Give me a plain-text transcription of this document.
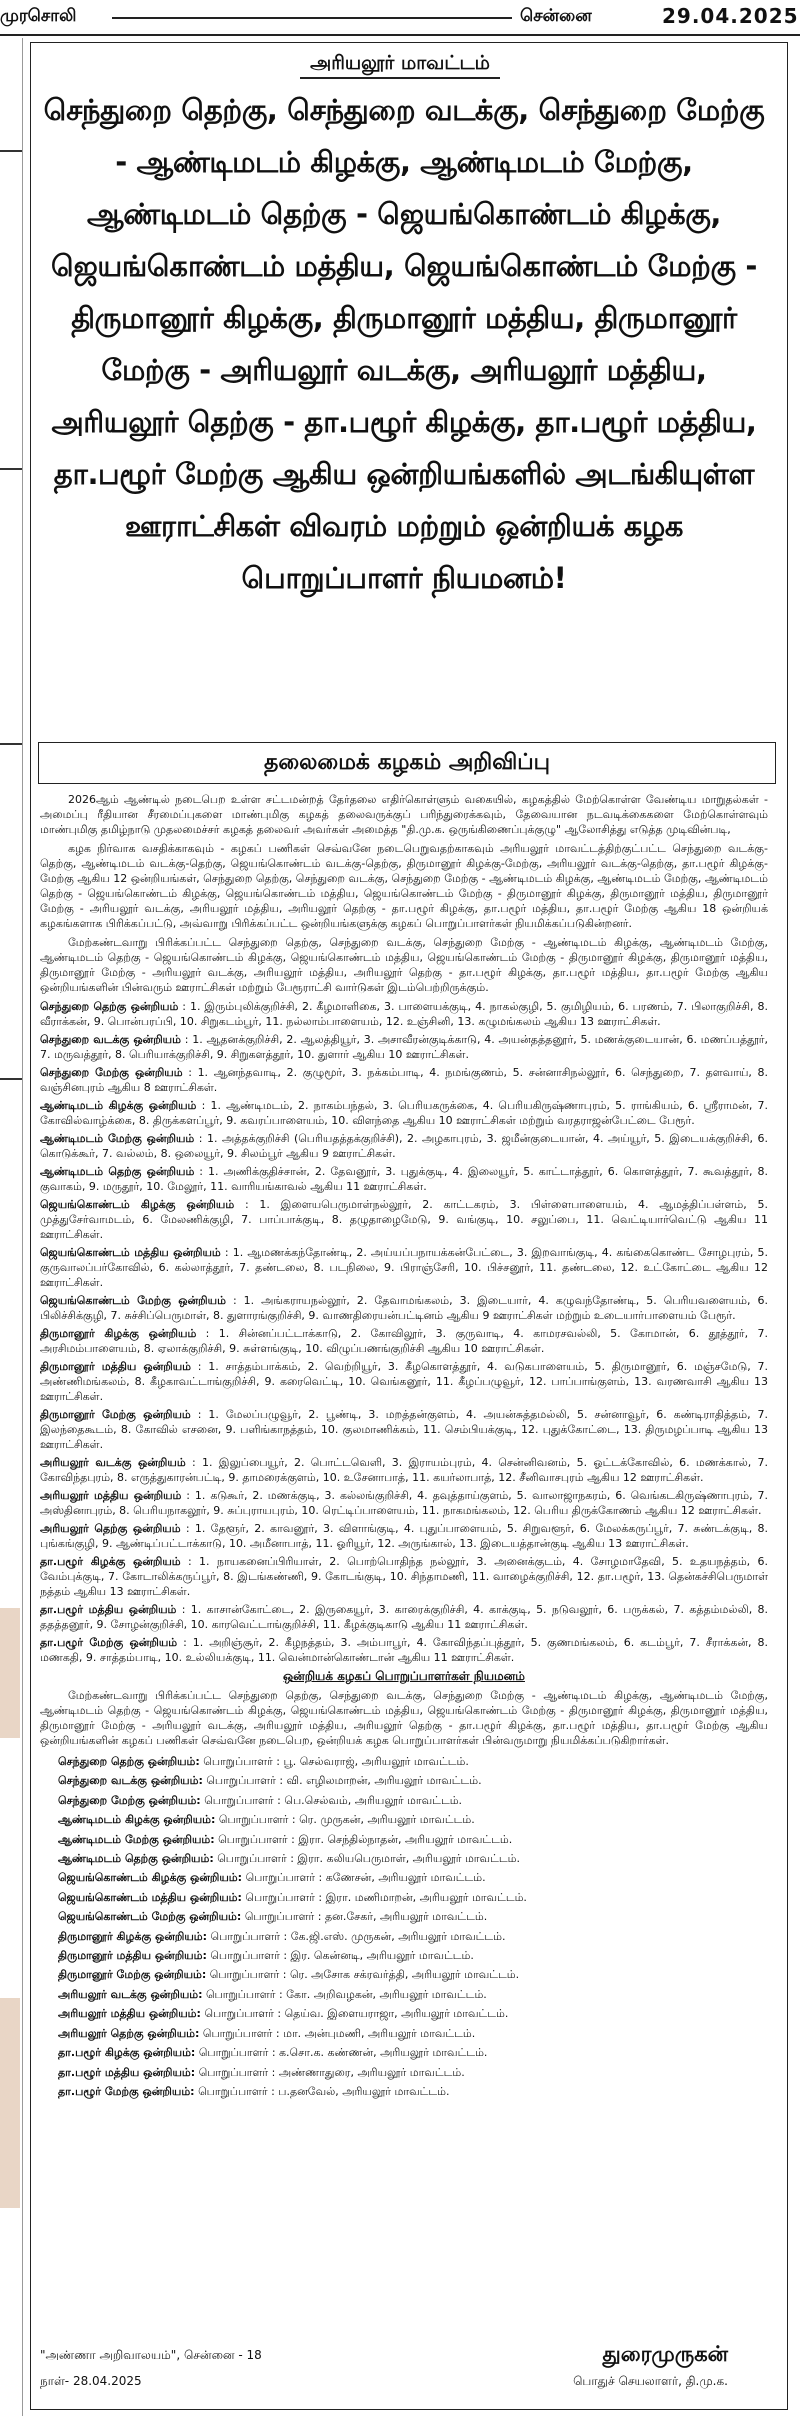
முரசொலி	சென்னை	29.04.2025
அரியலூர் மாவட்டம்
செந்துறை தெற்கு, செந்துறை வடக்கு, செந்துறை மேற்கு - ஆண்டிமடம் கிழக்கு, ஆண்டிமடம் மேற்கு, ஆண்டிமடம் தெற்கு - ஜெயங்கொண்டம் கிழக்கு, ஜெயங்கொண்டம் மத்திய, ஜெயங்கொண்டம் மேற்கு - திருமானூர் கிழக்கு, திருமானூர் மத்திய, திருமானூர் மேற்கு - அரியலூர் வடக்கு, அரியலூர் மத்திய, அரியலூர் தெற்கு - தா.பழூர் கிழக்கு, தா.பழூர் மத்திய, தா.பழூர் மேற்கு ஆகிய ஒன்றியங்களில் அடங்கியுள்ள ஊராட்சிகள் விவரம் மற்றும் ஒன்றியக் கழக பொறுப்பாளர் நியமனம்!
தலைமைக் கழகம் அறிவிப்பு

2026ஆம் ஆண்டில் நடைபெற உள்ள சட்டமன்றத் தேர்தலை எதிர்கொள்ளும் வகையில், கழகத்தில் மேற்கொள்ள வேண்டிய மாறுதல்கள் - அமைப்பு ரீதியான சீரமைப்புகளை மாண்புமிகு கழகத் தலைவருக்குப் பரிந்துரைக்கவும், தேவையான நடவடிக்கைகளை மேற்கொள்ளவும் மாண்புமிகு தமிழ்நாடு முதலமைச்சர் கழகத் தலைவர் அவர்கள் அமைத்த "தி.மு.க. ஒருங்கிணைப்புக்குழு" ஆலோசித்து எடுத்த முடிவின்படி,

கழக நிர்வாக வசதிக்காகவும் - கழகப் பணிகள் செவ்வனே நடைபெறுவதற்காகவும் அரியலூர் மாவட்டத்திற்குட்பட்ட செந்துறை வடக்கு-தெற்கு, ஆண்டிமடம் வடக்கு-தெற்கு, ஜெயங்கொண்டம் வடக்கு-தெற்கு, திருமானூர் கிழக்கு-மேற்கு, அரியலூர் வடக்கு-தெற்கு, தா.பழூர் கிழக்கு-மேற்கு ஆகிய 12 ஒன்றியங்கள், செந்துறை தெற்கு, செந்துறை வடக்கு, செந்துறை மேற்கு - ஆண்டிமடம் கிழக்கு, ஆண்டிமடம் மேற்கு, ஆண்டிமடம் தெற்கு - ஜெயங்கொண்டம் கிழக்கு, ஜெயங்கொண்டம் மத்திய, ஜெயங்கொண்டம் மேற்கு - திருமானூர் கிழக்கு, திருமானூர் மத்திய, திருமானூர் மேற்கு - அரியலூர் வடக்கு, அரியலூர் மத்திய, அரியலூர் தெற்கு - தா.பழூர் கிழக்கு, தா.பழூர் மத்திய, தா.பழூர் மேற்கு ஆகிய 18 ஒன்றியக் கழகங்களாக பிரிக்கப்பட்டு, அவ்வாறு பிரிக்கப்பட்ட ஒன்றியங்களுக்கு கழகப் பொறுப்பாளர்கள் நியமிக்கப்படுகின்றனர்.

மேற்கண்டவாறு பிரிக்கப்பட்ட செந்துறை தெற்கு, செந்துறை வடக்கு, செந்துறை மேற்கு - ஆண்டிமடம் கிழக்கு, ஆண்டிமடம் மேற்கு, ஆண்டிமடம் தெற்கு - ஜெயங்கொண்டம் கிழக்கு, ஜெயங்கொண்டம் மத்திய, ஜெயங்கொண்டம் மேற்கு - திருமானூர் கிழக்கு, திருமானூர் மத்திய, திருமானூர் மேற்கு - அரியலூர் வடக்கு, அரியலூர் மத்திய, அரியலூர் தெற்கு - தா.பழூர் கிழக்கு, தா.பழூர் மத்திய, தா.பழூர் மேற்கு ஆகிய ஒன்றியங்களின் பின்வரும் ஊராட்சிகள் மற்றும் பேரூராட்சி வார்டுகள் இடம்பெற்றிருக்கும்.

செந்துறை தெற்கு ஒன்றியம் : 1. இரும்புலிக்குறிச்சி, 2. கீழமாளிகை, 3. பாளையக்குடி, 4. நாகல்குழி, 5. குமிழியம், 6. பரணம், 7. பிலாகுறிச்சி, 8. வீராக்கன், 9. பொன்பரப்பி, 10. சிறுகடம்பூர், 11. நல்லாம்பாளையம், 12. உஞ்சினி, 13. கழுமங்கலம் ஆகிய 13 ஊராட்சிகள்.

செந்துறை வடக்கு ஒன்றியம் : 1. ஆதனக்குறிச்சி, 2. ஆலத்தியூர், 3. அசாவீரன்குடிக்காடு, 4. அயன்தத்தனூர், 5. மணக்குடையான், 6. மணப்பத்தூர், 7. மருவத்தூர், 8. பெரியாக்குறிச்சி, 9. சிறுகளத்தூர், 10. துளார் ஆகிய 10 ஊராட்சிகள்.

செந்துறை மேற்கு ஒன்றியம் : 1. ஆனந்தவாடி, 2. குழுமூர், 3. நக்கம்பாடி, 4. நமங்குணம், 5. சன்னாசிநல்லூர், 6. செந்துறை, 7. தளவாய், 8. வஞ்சினபுரம் ஆகிய 8 ஊராட்சிகள்.

ஆண்டிமடம் கிழக்கு ஒன்றியம் : 1. ஆண்டிமடம், 2. நாகம்பந்தல், 3. பெரியகருக்கை, 4. பெரியகிருஷ்ணாபுரம், 5. ராங்கியம், 6. ஸ்ரீராமன், 7. கோவில்வாழ்க்கை, 8. திருக்களப்பூர், 9. கவரப்பாளையம், 10. விளந்தை ஆகிய 10 ஊராட்சிகள் மற்றும் வரதராஜன்பேட்டை பேரூர்.

ஆண்டிமடம் மேற்கு ஒன்றியம் : 1. அத்தக்குறிச்சி (பெரியதத்தக்குறிச்சி), 2. அழகாபுரம், 3. ஜமீன்குடையான், 4. அய்யூர், 5. இடையக்குறிச்சி, 6. கொடுக்கூர், 7. வல்லம், 8. ஒலையூர், 9. சிலம்பூர் ஆகிய 9 ஊராட்சிகள்.

ஆண்டிமடம் தெற்கு ஒன்றியம் : 1. அணிக்குதிச்சான், 2. தேவனூர், 3. புதுக்குடி, 4. இலையூர், 5. காட்டாத்தூர், 6. கொளத்தூர், 7. கூவத்தூர், 8. குவாகம், 9. மருதூர், 10. மேலூர், 11. வாரியங்காவல் ஆகிய 11 ஊராட்சிகள்.

ஜெயங்கொண்டம் கிழக்கு ஒன்றியம் : 1. இளையபெருமாள்நல்லூர், 2. காட்டகரம், 3. பிள்ளைபாளையம், 4. ஆமத்திப்பள்ளம், 5. முத்துசேர்வாமடம், 6. மேலணிக்குழி, 7. பாப்பாக்குடி, 8. தழுதாழைமேடு, 9. வங்குடி, 10. சலுப்பை, 11. வெட்டியார்வெட்டு ஆகிய 11 ஊராட்சிகள்.

ஜெயங்கொண்டம் மத்திய ஒன்றியம் : 1. ஆமணக்கந்தோண்டி, 2. அய்யப்பநாயக்கன்பேட்டை, 3. இறவாங்குடி, 4. கங்கைகொண்ட சோழபுரம், 5. குருவாலப்பர்கோவில், 6. கல்லாத்தூர், 7. தண்டலை, 8. படநிலை, 9. பிராஞ்சேரி, 10. பிச்சனூர், 11. தண்டலை, 12. உட்கோட்டை ஆகிய 12 ஊராட்சிகள்.

ஜெயங்கொண்டம் மேற்கு ஒன்றியம் : 1. அங்கராயநல்லூர், 2. தேவாமங்கலம், 3. இடையார், 4. கழுவந்தோண்டி, 5. பெரியவளையம், 6. பிலிச்சிக்குழி, 7. சுச்சிப்பெருமாள், 8. துளாரங்குறிச்சி, 9. வாணதிரையன்பட்டினம் ஆகிய 9 ஊராட்சிகள் மற்றும் உடையார்பாளையம் பேரூர்.

திருமானூர் கிழக்கு ஒன்றியம் : 1. சின்னப்பட்டாக்காடு, 2. கோவிலூர், 3. குருவாடி, 4. காமரசவல்லி, 5. கோமான், 6. தூத்தூர், 7. அரசிமம்பாளையம், 8. ஏலாக்குறிச்சி, 9. சுள்ளங்குடி, 10. விழுப்பணங்குறிச்சி ஆகிய 10 ஊராட்சிகள்.

திருமானூர் மத்திய ஒன்றியம் : 1. சாத்தம்பாக்கம், 2. வெற்றியூர், 3. கீழகொளத்தூர், 4. வடுகபாளையம், 5. திருமானூர், 6. மஞ்சமேடு, 7. அண்ணிமங்கலம், 8. கீழகாவட்டாங்குறிச்சி, 9. கரைவெட்டி, 10. வெங்கனூர், 11. கீழப்பழுவூர், 12. பாப்பாங்குளம், 13. வரணவாசி ஆகிய 13 ஊராட்சிகள்.

திருமானூர் மேற்கு ஒன்றியம் : 1. மேலப்பழுவூர், 2. பூண்டி, 3. மறத்தன்குளம், 4. அயன்சுத்தமல்லி, 5. சன்னாவூர், 6. கண்டிராதித்தம், 7. இலந்தைகூடம், 8. கோவில் எசனை, 9. பளிங்காநத்தம், 10. குலமாணிக்கம், 11. செம்பியக்குடி, 12. புதுக்கோட்டை, 13. திருமழப்பாடி ஆகிய 13 ஊராட்சிகள்.

அரியலூர் வடக்கு ஒன்றியம் : 1. இலுப்பையூர், 2. பொட்டவெளி, 3. இராயம்புரம், 4. சென்னிவனம், 5. ஓட்டக்கோவில், 6. மணக்கால், 7. கோவிந்தபுரம், 8. எருத்துகாரன்பட்டி, 9. தாமரைக்குளம், 10. உசேனாபாத், 11. கயர்லாபாத், 12. சீனிவாசபுரம் ஆகிய 12 ஊராட்சிகள்.

அரியலூர் மத்திய ஒன்றியம் : 1. கடுகூர், 2. மணக்குடி, 3. கல்லங்குறிச்சி, 4. தவுத்தாய்குளம், 5. வாலாஜாநகரம், 6. வெங்கடகிருஷ்ணாபுரம், 7. அஸ்தினாபுரம், 8. பெரியநாகலூர், 9. சுப்புராயபுரம், 10. ரெட்டிப்பாளையம், 11. நாகமங்கலம், 12. பெரிய திருக்கோணம் ஆகிய 12 ஊராட்சிகள்.

அரியலூர் தெற்கு ஒன்றியம் : 1. தேளூர், 2. காவனூர், 3. விளாங்குடி, 4. புதுப்பாளையம், 5. சிறுவளூர், 6. மேலக்கருப்பூர், 7. சுண்டக்குடி, 8. புங்கங்குழி, 9. ஆண்டிப்பட்டாக்காடு, 10. அமீனாபாத், 11. ஓரியூர், 12. அருங்கால், 13. இடையத்தான்குடி ஆகிய 13 ஊராட்சிகள்.

தா.பழூர் கிழக்கு ஒன்றியம் : 1. நாயகனைப்பிரியாள், 2. பொற்பொதிந்த நல்லூர், 3. அனைக்குடம், 4. சோழமாதேவி, 5. உதயநத்தம், 6. வேம்புக்குடி, 7. கோடாலிக்கருப்பூர், 8. இடங்கண்ணி, 9. கோடங்குடி, 10. சிந்தாமணி, 11. வாழைக்குறிச்சி, 12. தா.பழூர், 13. தென்கச்சிபெருமாள் நத்தம் ஆகிய 13 ஊராட்சிகள்.

தா.பழூர் மத்திய ஒன்றியம் : 1. காசான்கோட்டை, 2. இருகையூர், 3. காரைக்குறிச்சி, 4. காக்குடி, 5. நடுவலூர், 6. பருக்கல், 7. கத்தம்மல்லி, 8. ததத்தனூர், 9. சோழன்குறிச்சி, 10. காரவெட்டாங்குறிச்சி, 11. கீழக்குடிகாடு ஆகிய 11 ஊராட்சிகள்.

தா.பழூர் மேற்கு ஒன்றியம் : 1. அறிஞ்சூர், 2. கீழநத்தம், 3. அம்பாபூர், 4. கோவிந்தப்புத்தூர், 5. குணமங்கலம், 6. கடம்பூர், 7. சீராக்கன், 8. மணகதி, 9. சாத்தம்பாடி, 10. உல்லியக்குடி, 11. வென்மான்கொண்டான் ஆகிய 11 ஊராட்சிகள்.

ஒன்றியக் கழகப் பொறுப்பாளர்கள் நியமனம்

மேற்கண்டவாறு பிரிக்கப்பட்ட செந்துறை தெற்கு, செந்துறை வடக்கு, செந்துறை மேற்கு - ஆண்டிமடம் கிழக்கு, ஆண்டிமடம் மேற்கு, ஆண்டிமடம் தெற்கு - ஜெயங்கொண்டம் கிழக்கு, ஜெயங்கொண்டம் மத்திய, ஜெயங்கொண்டம் மேற்கு - திருமானூர் கிழக்கு, திருமானூர் மத்திய, திருமானூர் மேற்கு - அரியலூர் வடக்கு, அரியலூர் மத்திய, அரியலூர் தெற்கு - தா.பழூர் கிழக்கு, தா.பழூர் மத்திய, தா.பழூர் மேற்கு ஆகிய ஒன்றியங்களின் கழகப் பணிகள் செவ்வனே நடைபெற, ஒன்றியக் கழக பொறுப்பாளர்கள் பின்வருமாறு நியமிக்கப்படுகிறார்கள்.

செந்துறை தெற்கு ஒன்றியம்: பொறுப்பாளர் : பூ. செல்வராஜ், அரியலூர் மாவட்டம்.
செந்துறை வடக்கு ஒன்றியம்: பொறுப்பாளர் : வி. எழிலமாறன், அரியலூர் மாவட்டம்.
செந்துறை மேற்கு ஒன்றியம்: பொறுப்பாளர் : பெ.செல்வம், அரியலூர் மாவட்டம்.
ஆண்டிமடம் கிழக்கு ஒன்றியம்: பொறுப்பாளர் : ரெ. முருகன், அரியலூர் மாவட்டம்.
ஆண்டிமடம் மேற்கு ஒன்றியம்: பொறுப்பாளர் : இரா. செந்தில்நாதன், அரியலூர் மாவட்டம்.
ஆண்டிமடம் தெற்கு ஒன்றியம்: பொறுப்பாளர் : இரா. கலியபெருமாள், அரியலூர் மாவட்டம்.
ஜெயங்கொண்டம் கிழக்கு ஒன்றியம்: பொறுப்பாளர் : கணேசன், அரியலூர் மாவட்டம்.
ஜெயங்கொண்டம் மத்திய ஒன்றியம்: பொறுப்பாளர் : இரா. மணிமாறன், அரியலூர் மாவட்டம்.
ஜெயங்கொண்டம் மேற்கு ஒன்றியம்: பொறுப்பாளர் : தன.சேகர், அரியலூர் மாவட்டம்.
திருமானூர் கிழக்கு ஒன்றியம்: பொறுப்பாளர் : கே.ஜி.எஸ். முருகன், அரியலூர் மாவட்டம்.
திருமானூர் மத்திய ஒன்றியம்: பொறுப்பாளர் : இர. கென்னடி, அரியலூர் மாவட்டம்.
திருமானூர் மேற்கு ஒன்றியம்: பொறுப்பாளர் : ரெ. அசோக சக்ரவர்த்தி, அரியலூர் மாவட்டம்.
அரியலூர் வடக்கு ஒன்றியம்: பொறுப்பாளர் : கோ. அறிவழகன், அரியலூர் மாவட்டம்.
அரியலூர் மத்திய ஒன்றியம்: பொறுப்பாளர் : தெய்வ. இளையராஜா, அரியலூர் மாவட்டம்.
அரியலூர் தெற்கு ஒன்றியம்: பொறுப்பாளர் : மா. அன்புமணி, அரியலூர் மாவட்டம்.
தா.பழூர் கிழக்கு ஒன்றியம்: பொறுப்பாளர் : க.சொ.க. கண்ணன், அரியலூர் மாவட்டம்.
தா.பழூர் மத்திய ஒன்றியம்: பொறுப்பாளர் : அண்ணாதுரை, அரியலூர் மாவட்டம்.
தா.பழூர் மேற்கு ஒன்றியம்: பொறுப்பாளர் : ப.தனவேல், அரியலூர் மாவட்டம்.
"அண்ணா அறிவாலயம்", சென்னை - 18
நாள்- 28.04.2025
துரைமுருகன்
பொதுச் செயலாளர், தி.மு.க.
